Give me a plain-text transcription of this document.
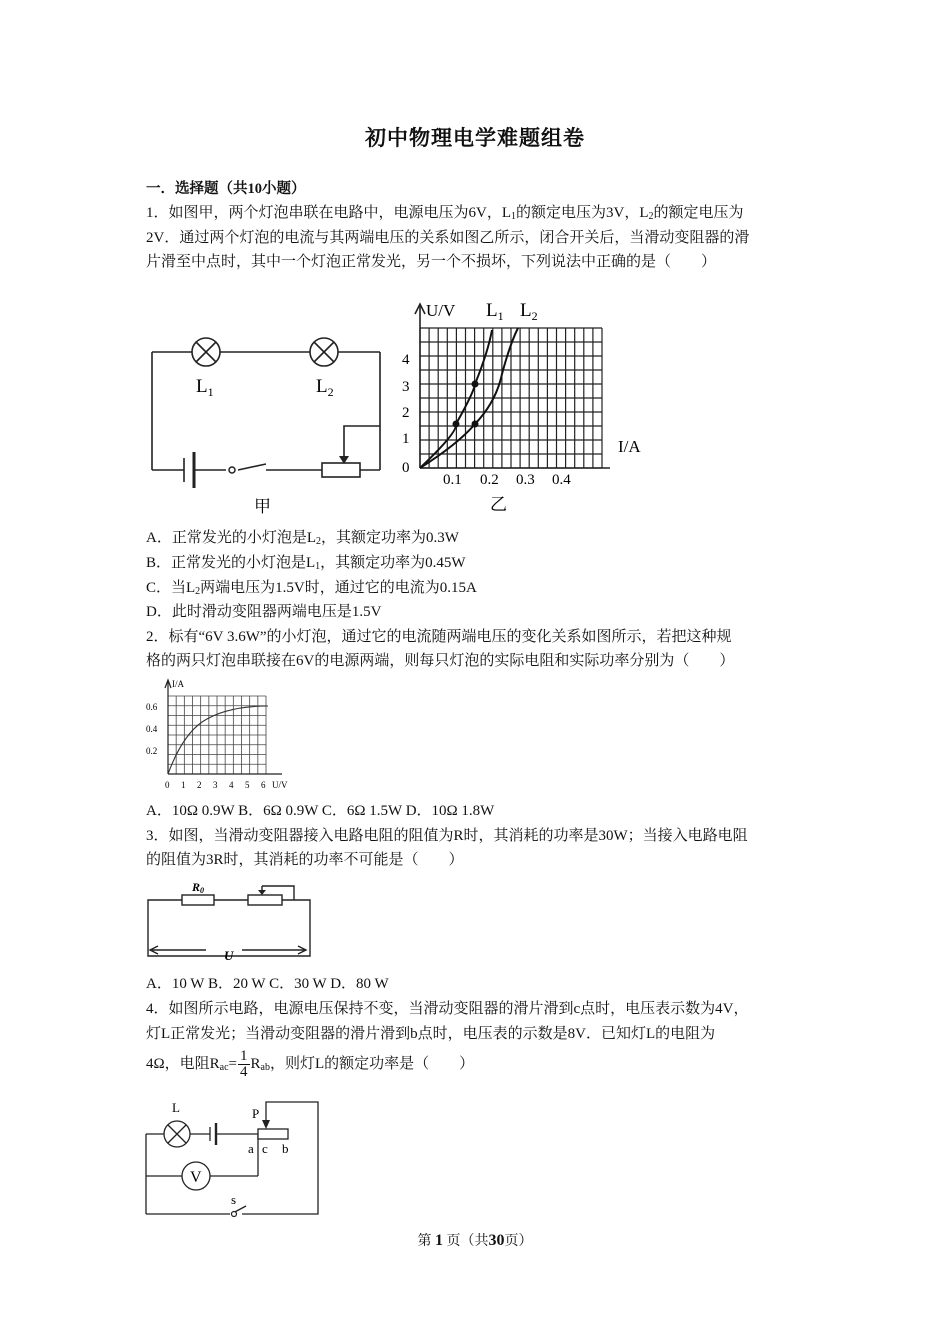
初中物理电学难题组卷
一．选择题（共10小题）
1．如图甲，两个灯泡串联在电路中，电源电压为6V，$L_1$的额定电压为3V，$L_2$的额定电压为
2V．通过两个灯泡的电流与其两端电压的关系如图乙所示，闭合开关后，当滑动变阻器的滑
片滑至中点时，其中一个灯泡正常发光，另一个不损坏，下列说法中正确的是（　　）
$L_1$	$L_2$
甲
U/V
I/A
$L_1$ $L_2$
4
3
2
1
0
0.1 0.2 0.3 0.4
乙
A．正常发光的小灯泡是$L_2$，其额定功率为0.3W
B．正常发光的小灯泡是$L_1$，其额定功率为0.45W
C．当$L_2$两端电压为1.5V时，通过它的电流为0.15A
D．此时滑动变阻器两端电压是1.5V
2．标有“6V 3.6W”的小灯泡，通过它的电流随两端电压的变化关系如图所示，若把这种规
格的两只灯泡串联接在6V的电源两端，则每只灯泡的实际电阻和实际功率分别为（　　）
I/A
0.6
0.4
0.2
0 1 2 3 4 5 6 U/V
A．10Ω 0.9W B．6Ω 0.9W C．6Ω 1.5W D．10Ω 1.8W
3．如图，当滑动变阻器接入电路电阻的阻值为R时，其消耗的功率是30W；当接入电路电阻
的阻值为3R时，其消耗的功率不可能是（　　）
R0
U
A．10 W B．20 W C．30 W D．80 W
4．如图所示电路，电源电压保持不变，当滑动变阻器的滑片滑到c点时，电压表示数为4V，
灯L正常发光；当滑动变阻器的滑片滑到b点时，电压表的示数是8V．已知灯L的电阻为
4Ω，电阻$R_{ac}= \frac{1}{4} R_{ab}$，则灯L的额定功率是（　　）
V
L	P
a c b
s
第 1 页（共30页）
